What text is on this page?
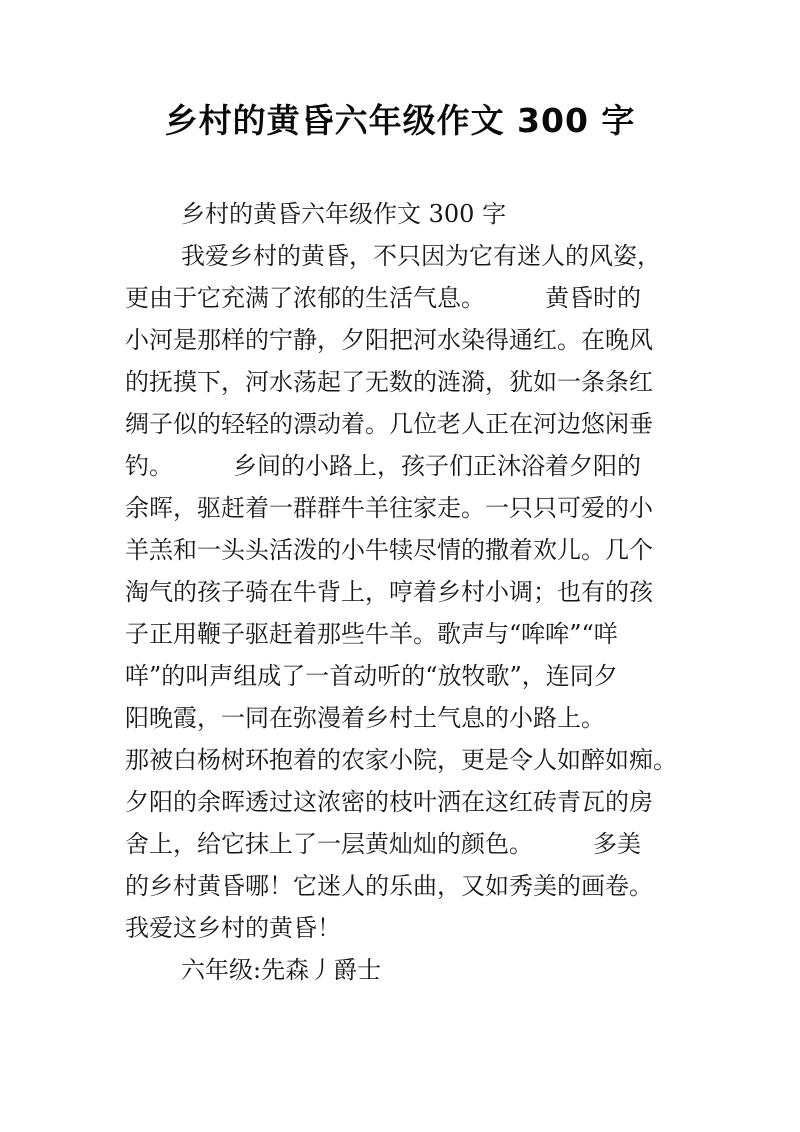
乡村的黄昏六年级作文 300 字
乡村的黄昏六年级作文 300 字
我爱乡村的黄昏，不只因为它有迷人的风姿，
更由于它充满了浓郁的生活气息。　　　黄昏时的
小河是那样的宁静，夕阳把河水染得通红。在晚风
的抚摸下，河水荡起了无数的涟漪，犹如一条条红
绸子似的轻轻的漂动着。几位老人正在河边悠闲垂
钓。　　　乡间的小路上，孩子们正沐浴着夕阳的
余晖，驱赶着一群群牛羊往家走。一只只可爱的小
羊羔和一头头活泼的小牛犊尽情的撒着欢儿。几个
淘气的孩子骑在牛背上，哼着乡村小调；也有的孩
子正用鞭子驱赶着那些牛羊。歌声与“哞哞”“咩
咩”的叫声组成了一首动听的“放牧歌”，连同夕
阳晚霞，一同在弥漫着乡村土气息的小路上。
那被白杨树环抱着的农家小院，更是令人如醉如痴。
夕阳的余晖透过这浓密的枝叶洒在这红砖青瓦的房
舍上，给它抹上了一层黄灿灿的颜色。　　　多美
的乡村黄昏哪！它迷人的乐曲，又如秀美的画卷。
我爱这乡村的黄昏！
六年级:先森丿爵士
